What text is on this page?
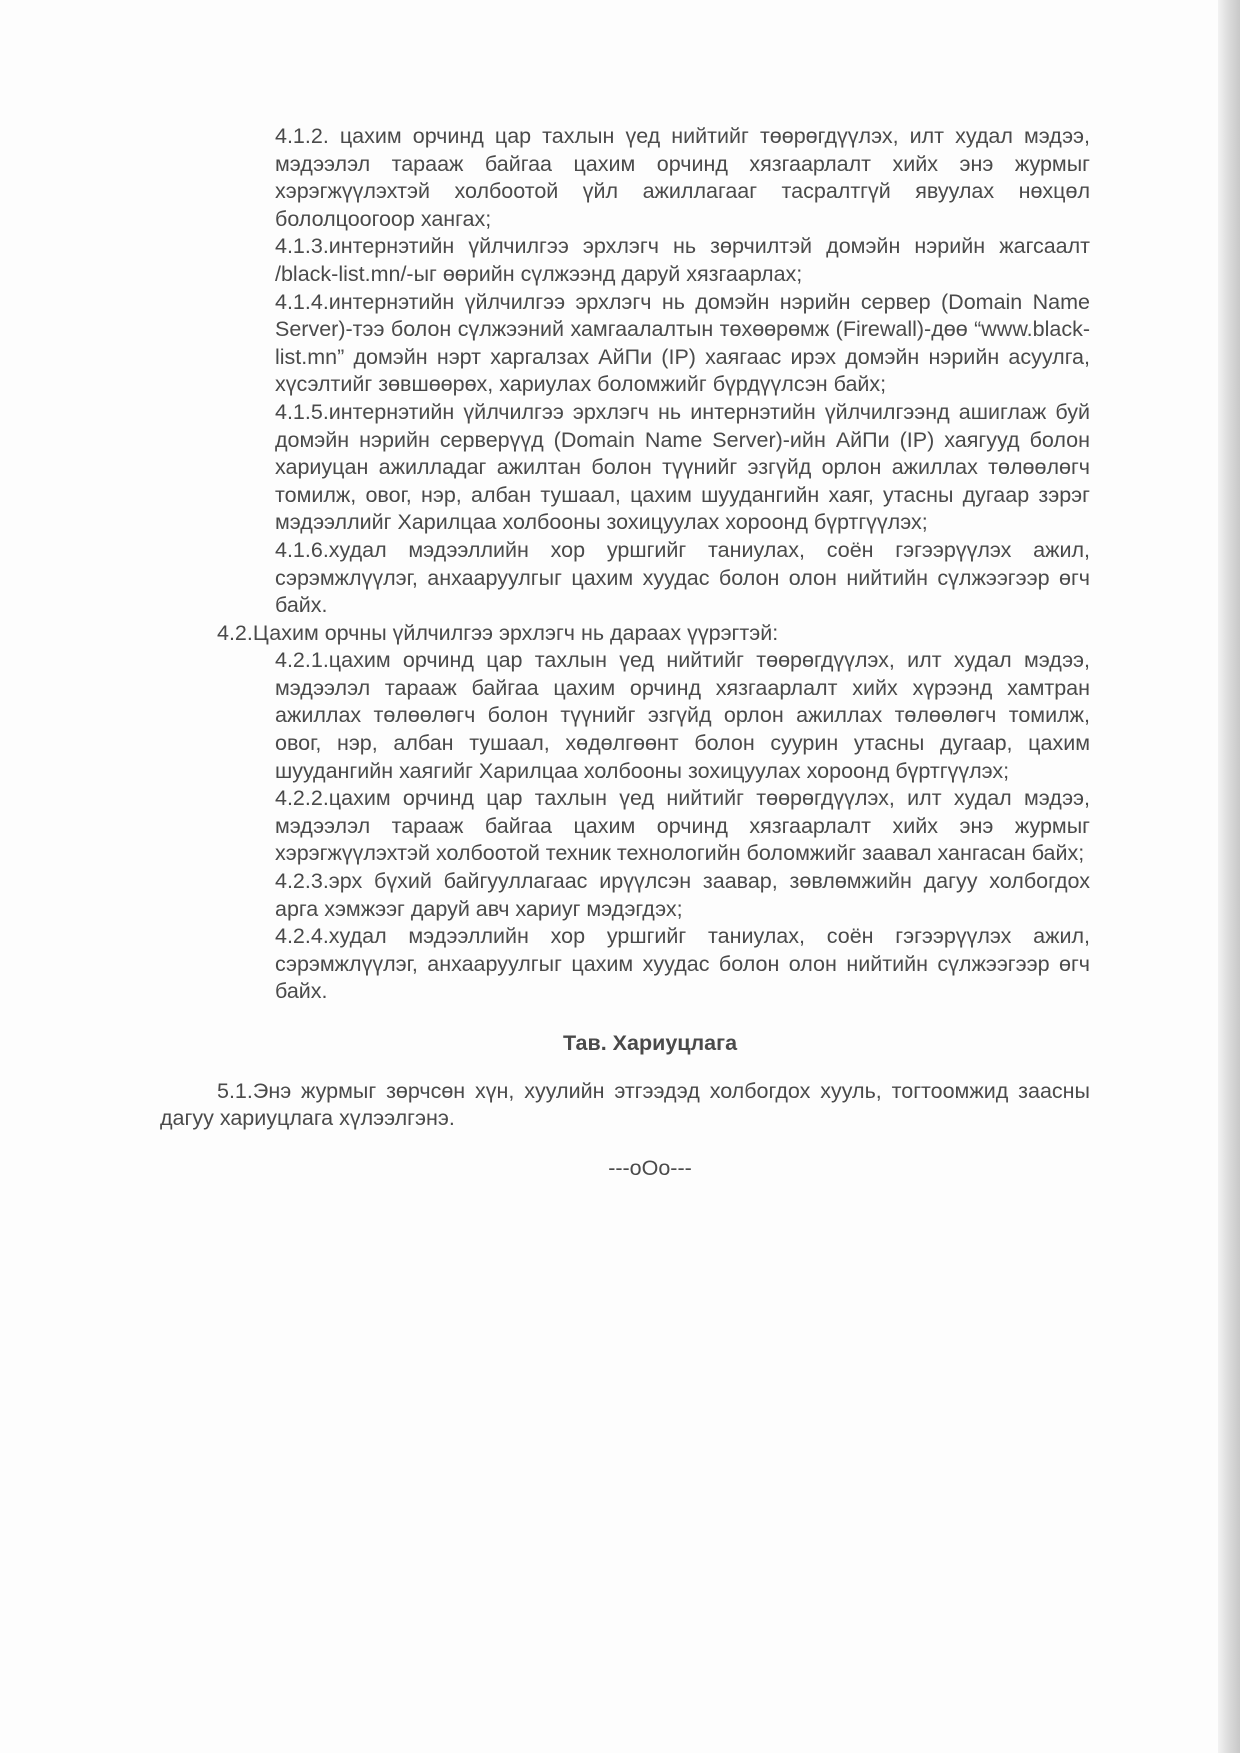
4.1.2. цахим орчинд цар тахлын үед нийтийг төөрөгдүүлэх, илт худал мэдээ, мэдээлэл тарааж байгаа цахим орчинд хязгаарлалт хийх энэ журмыг хэрэгжүүлэхтэй холбоотой үйл ажиллагааг тасралтгүй явуулах нөхцөл бололцоогоор хангах;

4.1.3.интернэтийн үйлчилгээ эрхлэгч нь зөрчилтэй домэйн нэрийн жагсаалт /black-list.mn/-ыг өөрийн сүлжээнд даруй хязгаарлах;

4.1.4.интернэтийн үйлчилгээ эрхлэгч нь домэйн нэрийн сервер (Domain Name Server)-тээ болон сүлжээний хамгаалалтын төхөөрөмж (Firewall)-дөө “www.black-list.mn” домэйн нэрт харгалзах АйПи (IP) хаягаас ирэх домэйн нэрийн асуулга, хүсэлтийг зөвшөөрөх, хариулах боломжийг бүрдүүлсэн байх;

4.1.5.интернэтийн үйлчилгээ эрхлэгч нь интернэтийн үйлчилгээнд ашиглаж буй домэйн нэрийн серверүүд (Domain Name Server)-ийн АйПи (IP) хаягууд болон хариуцан ажилладаг ажилтан болон түүнийг эзгүйд орлон ажиллах төлөөлөгч томилж, овог, нэр, албан тушаал, цахим шуудангийн хаяг, утасны дугаар зэрэг мэдээллийг Харилцаа холбооны зохицуулах хороонд бүртгүүлэх;

4.1.6.худал мэдээллийн хор уршгийг таниулах, соён гэгээрүүлэх ажил, сэрэмжлүүлэг, анхааруулгыг цахим хуудас болон олон нийтийн сүлжээгээр өгч байх.

4.2.Цахим орчны үйлчилгээ эрхлэгч нь дараах үүрэгтэй:

4.2.1.цахим орчинд цар тахлын үед нийтийг төөрөгдүүлэх, илт худал мэдээ, мэдээлэл тарааж байгаа цахим орчинд хязгаарлалт хийх хүрээнд хамтран ажиллах төлөөлөгч болон түүнийг эзгүйд орлон ажиллах төлөөлөгч томилж, овог, нэр, албан тушаал, хөдөлгөөнт болон суурин утасны дугаар, цахим шуудангийн хаягийг Харилцаа холбооны зохицуулах хороонд бүртгүүлэх;

4.2.2.цахим орчинд цар тахлын үед нийтийг төөрөгдүүлэх, илт худал мэдээ, мэдээлэл тарааж байгаа цахим орчинд хязгаарлалт хийх энэ журмыг хэрэгжүүлэхтэй холбоотой техник технологийн боломжийг заавал хангасан байх;

4.2.3.эрх бүхий байгууллагаас ирүүлсэн заавар, зөвлөмжийн дагуу холбогдох арга хэмжээг даруй авч хариуг мэдэгдэх;

4.2.4.худал мэдээллийн хор уршгийг таниулах, соён гэгээрүүлэх ажил, сэрэмжлүүлэг, анхааруулгыг цахим хуудас болон олон нийтийн сүлжээгээр өгч байх.

Тав. Хариуцлага

5.1.Энэ журмыг зөрчсөн хүн, хуулийн этгээдэд холбогдох хууль, тогтоомжид заасны дагуу хариуцлага хүлээлгэнэ.

---oOo---
